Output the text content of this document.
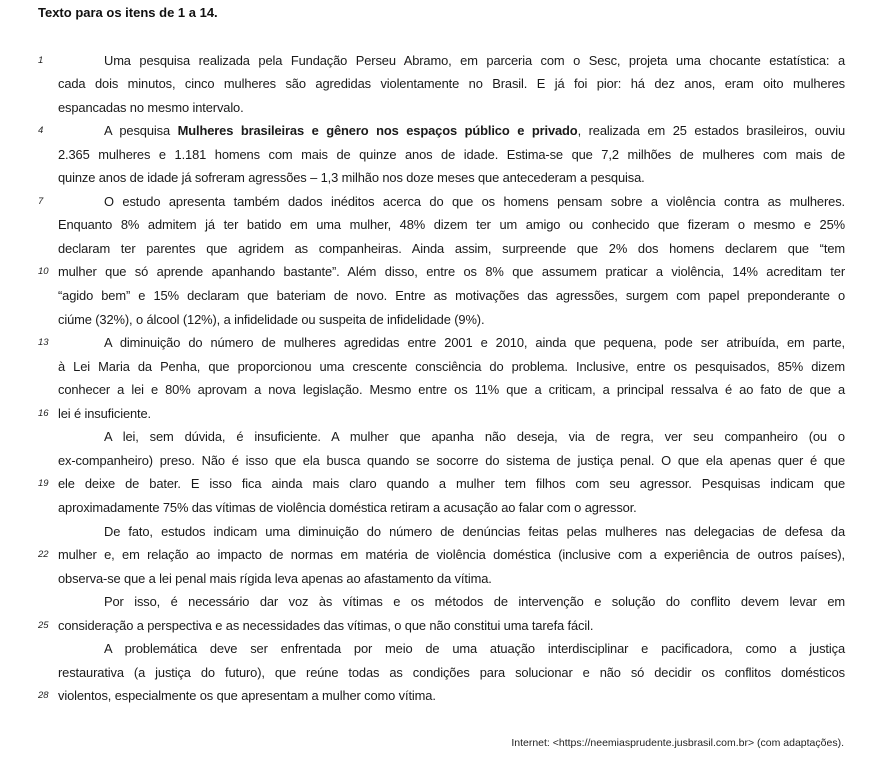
Texto para os itens de 1 a 14.
1	Uma pesquisa realizada pela Fundação Perseu Abramo, em parceria com o Sesc, projeta uma chocante estatística: a
cada dois minutos, cinco mulheres são agredidas violentamente no Brasil. E já foi pior: há dez anos, eram oito mulheres
espancadas no mesmo intervalo.
4	A pesquisa Mulheres brasileiras e gênero nos espaços público e privado, realizada em 25 estados brasileiros, ouviu
2.365 mulheres e 1.181 homens com mais de quinze anos de idade. Estima-se que 7,2 milhões de mulheres com mais de
quinze anos de idade já sofreram agressões – 1,3 milhão nos doze meses que antecederam a pesquisa.
7	O estudo apresenta também dados inéditos acerca do que os homens pensam sobre a violência contra as mulheres.
Enquanto 8% admitem já ter batido em uma mulher, 48% dizem ter um amigo ou conhecido que fizeram o mesmo e 25%
declaram ter parentes que agridem as companheiras. Ainda assim, surpreende que 2% dos homens declarem que “tem
10 mulher que só aprende apanhando bastante”. Além disso, entre os 8% que assumem praticar a violência, 14% acreditam ter
“agido bem” e 15% declaram que bateriam de novo. Entre as motivações das agressões, surgem com papel preponderante o
ciúme (32%), o álcool (12%), a infidelidade ou suspeita de infidelidade (9%).
13	A diminuição do número de mulheres agredidas entre 2001 e 2010, ainda que pequena, pode ser atribuída, em parte,
à Lei Maria da Penha, que proporcionou uma crescente consciência do problema. Inclusive, entre os pesquisados, 85% dizem
conhecer a lei e 80% aprovam a nova legislação. Mesmo entre os 11% que a criticam, a principal ressalva é ao fato de que a
16 lei é insuficiente.
A lei, sem dúvida, é insuficiente. A mulher que apanha não deseja, via de regra, ver seu companheiro (ou o
ex-companheiro) preso. Não é isso que ela busca quando se socorre do sistema de justiça penal. O que ela apenas quer é que
19 ele deixe de bater. E isso fica ainda mais claro quando a mulher tem filhos com seu agressor. Pesquisas indicam que
aproximadamente 75% das vítimas de violência doméstica retiram a acusação ao falar com o agressor.
De fato, estudos indicam uma diminuição do número de denúncias feitas pelas mulheres nas delegacias de defesa da
22 mulher e, em relação ao impacto de normas em matéria de violência doméstica (inclusive com a experiência de outros países),
observa-se que a lei penal mais rígida leva apenas ao afastamento da vítima.
Por isso, é necessário dar voz às vítimas e os métodos de intervenção e solução do conflito devem levar em
25 consideração a perspectiva e as necessidades das vítimas, o que não constitui uma tarefa fácil.
A problemática deve ser enfrentada por meio de uma atuação interdisciplinar e pacificadora, como a justiça
restaurativa (a justiça do futuro), que reúne todas as condições para solucionar e não só decidir os conflitos domésticos
28 violentos, especialmente os que apresentam a mulher como vítima.
Internet: <https://neemiasprudente.jusbrasil.com.br> (com adaptações).
